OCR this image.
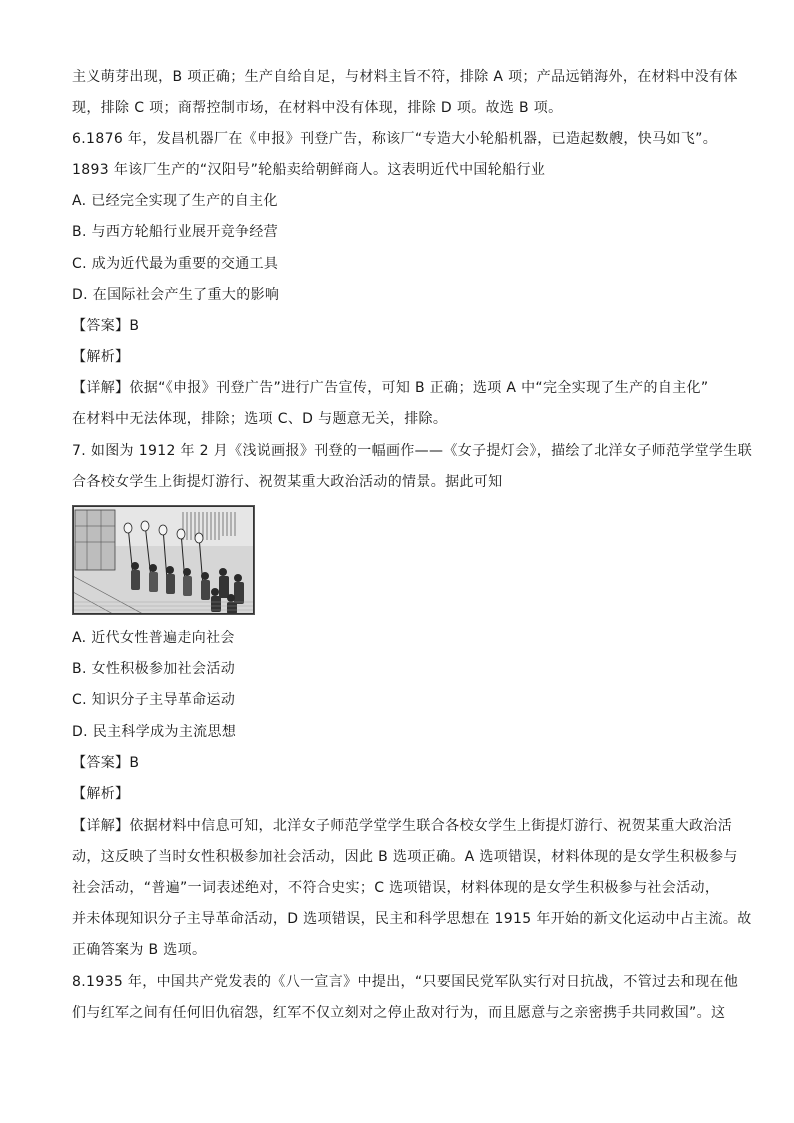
主义萌芽出现，B 项正确；生产自给自足，与材料主旨不符，排除 A 项；产品远销海外，在材料中没有体
现，排除 C 项；商帮控制市场，在材料中没有体现，排除 D 项。故选 B 项。
6.1876 年，发昌机器厂在《申报》刊登广告，称该厂“专造大小轮船机器，已造起数艘，快马如飞”。
1893 年该厂生产的“汉阳号”轮船卖给朝鲜商人。这表明近代中国轮船行业
A. 已经完全实现了生产的自主化
B. 与西方轮船行业展开竞争经营
C. 成为近代最为重要的交通工具
D. 在国际社会产生了重大的影响
【答案】B
【解析】
【详解】依据“《申报》刊登广告”进行广告宣传，可知 B 正确；选项 A 中“完全实现了生产的自主化”
在材料中无法体现，排除；选项 C、D 与题意无关，排除。
7. 如图为 1912 年 2 月《浅说画报》刊登的一幅画作——《女子提灯会》，描绘了北洋女子师范学堂学生联
合各校女学生上街提灯游行、祝贺某重大政治活动的情景。据此可知
A. 近代女性普遍走向社会
B. 女性积极参加社会活动
C. 知识分子主导革命运动
D. 民主科学成为主流思想
【答案】B
【解析】
【详解】依据材料中信息可知，北洋女子师范学堂学生联合各校女学生上街提灯游行、祝贺某重大政治活
动，这反映了当时女性积极参加社会活动，因此 B 选项正确。A 选项错误，材料体现的是女学生积极参与
社会活动，“普遍”一词表述绝对，不符合史实；C 选项错误，材料体现的是女学生积极参与社会活动，
并未体现知识分子主导革命活动，D 选项错误，民主和科学思想在 1915 年开始的新文化运动中占主流。故
正确答案为 B 选项。
8.1935 年，中国共产党发表的《八一宣言》中提出，“只要国民党军队实行对日抗战，不管过去和现在他
们与红军之间有任何旧仇宿怨，红军不仅立刻对之停止敌对行为，而且愿意与之亲密携手共同救国”。这
